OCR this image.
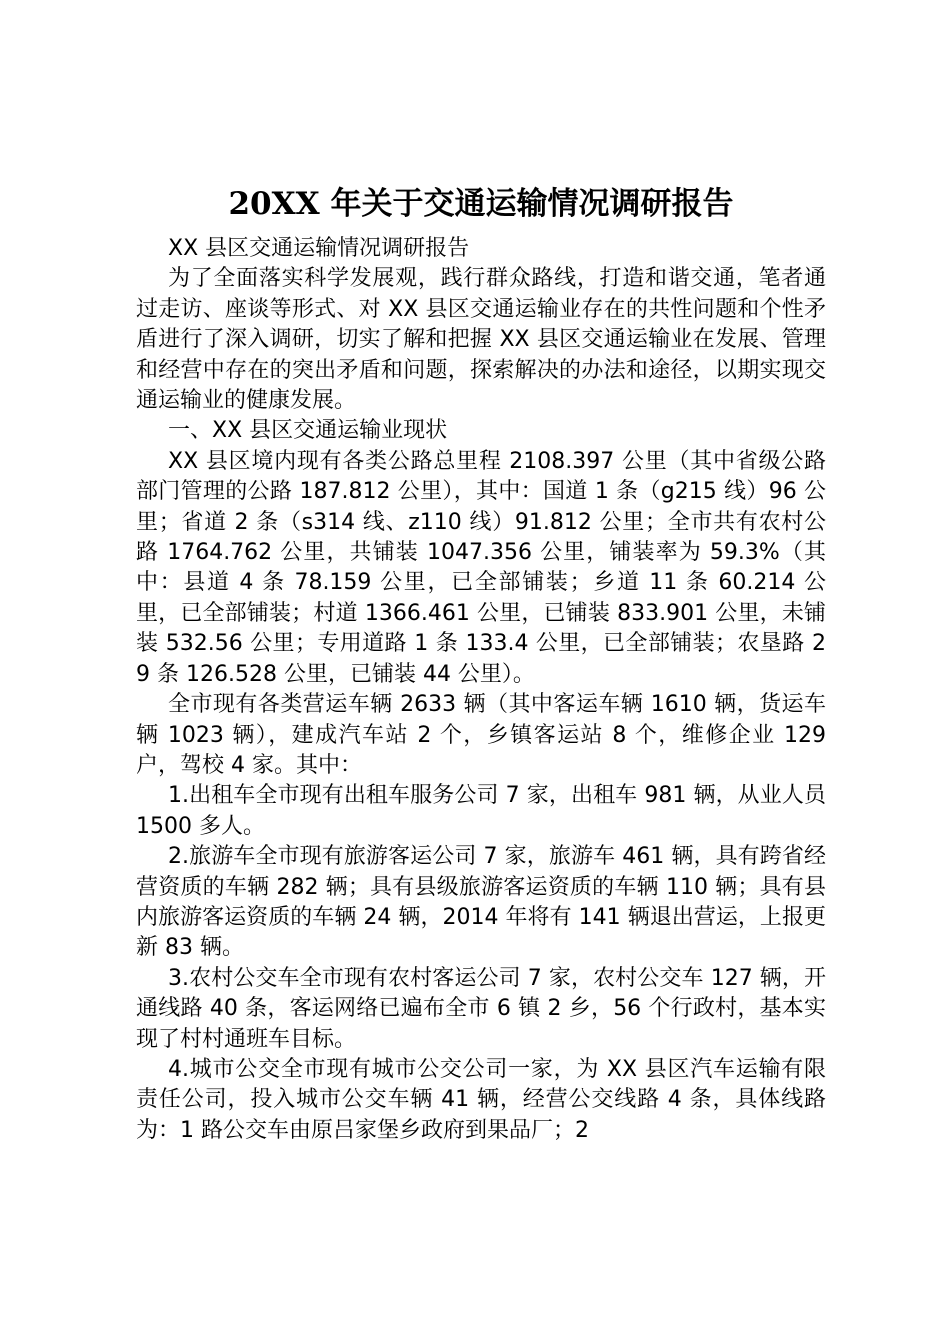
20XX 年关于交通运输情况调研报告

XX 县区交通运输情况调研报告

为了全面落实科学发展观，践行群众路线，打造和谐交通，笔者通过走访、座谈等形式、对 XX 县区交通运输业存在的共性问题和个性矛盾进行了深入调研，切实了解和把握 XX 县区交通运输业在发展、管理和经营中存在的突出矛盾和问题，探索解决的办法和途径，以期实现交通运输业的健康发展。

一、XX 县区交通运输业现状

XX 县区境内现有各类公路总里程 2108.397 公里（其中省级公路部门管理的公路 187.812 公里），其中：国道 1 条（g215 线）96 公里；省道 2 条（s314 线、z110 线）91.812 公里；全市共有农村公路 1764.762 公里，共铺装 1047.356 公里，铺装率为 59.3%（其中：县道 4 条 78.159 公里，已全部铺装；乡道 11 条 60.214 公里，已全部铺装；村道 1366.461 公里，已铺装 833.901 公里，未铺装 532.56 公里；专用道路 1 条 133.4 公里，已全部铺装；农垦路 29 条 126.528 公里，已铺装 44 公里）。

全市现有各类营运车辆 2633 辆（其中客运车辆 1610 辆，货运车辆 1023 辆），建成汽车站 2 个，乡镇客运站 8 个，维修企业 129 户，驾校 4 家。其中：

1.出租车全市现有出租车服务公司 7 家，出租车 981 辆，从业人员 1500 多人。

2.旅游车全市现有旅游客运公司 7 家，旅游车 461 辆，具有跨省经营资质的车辆 282 辆；具有县级旅游客运资质的车辆 110 辆；具有县内旅游客运资质的车辆 24 辆，2014 年将有 141 辆退出营运，上报更新 83 辆。

3.农村公交车全市现有农村客运公司 7 家，农村公交车 127 辆，开通线路 40 条，客运网络已遍布全市 6 镇 2 乡，56 个行政村，基本实现了村村通班车目标。

4.城市公交全市现有城市公交公司一家，为 XX 县区汽车运输有限责任公司，投入城市公交车辆 41 辆，经营公交线路 4 条，具体线路为：1 路公交车由原吕家堡乡政府到果品厂；2
